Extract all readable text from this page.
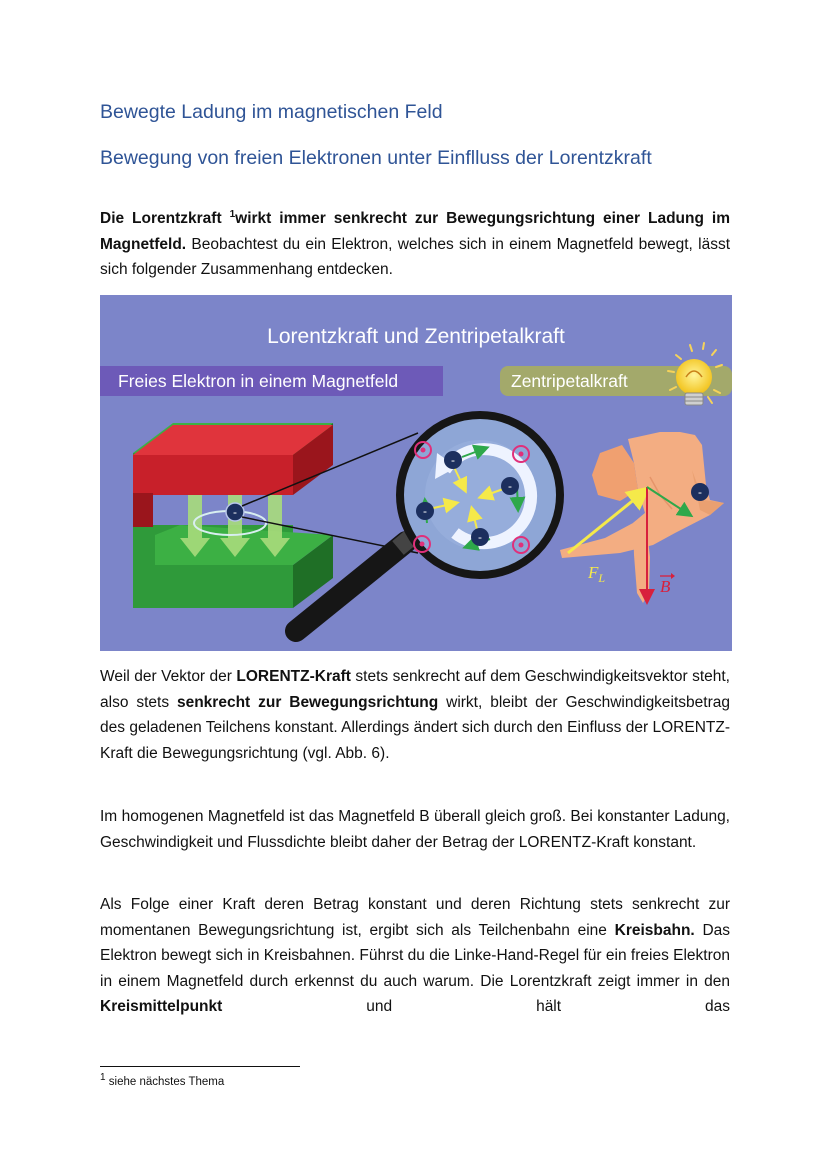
Bewegte Ladung im magnetischen Feld
Bewegung von freien Elektronen unter Einflluss der Lorentzkraft

Die Lorentzkraft $^1$wirkt immer senkrecht zur Bewegungsrichtung einer Ladung im Magnetfeld. Beobachtest du ein Elektron, welches sich in einem Magnetfeld bewegt, lässt sich folgender Zusammenhang entdecken.

Lorentzkraft und Zentripetalkraft
Freies Elektron in einem Magnetfeld	Zentripetalkraft
-
-
-
-
-
-
$F_L$	B

Weil der Vektor der LORENTZ-Kraft stets senkrecht auf dem Geschwindigkeitsvektor steht, also stets senkrecht zur Bewegungsrichtung wirkt, bleibt der Geschwindigkeitsbetrag des geladenen Teilchens konstant. Allerdings ändert sich durch den Einfluss der LORENTZ-Kraft die Bewegungsrichtung (vgl. Abb. 6).

Im homogenen Magnetfeld ist das Magnetfeld B überall gleich groß. Bei konstanter Ladung, Geschwindigkeit und Flussdichte bleibt daher der Betrag der LORENTZ-Kraft konstant.

Als Folge einer Kraft deren Betrag konstant und deren Richtung stets senkrecht zur momentanen Bewegungsrichtung ist, ergibt sich als Teilchenbahn eine Kreisbahn. Das Elektron bewegt sich in Kreisbahnen. Führst du die Linke-Hand-Regel für ein freies Elektron in einem Magnetfeld durch erkennst du auch warum. Die Lorentzkraft zeigt immer in den Kreismittelpunkt und hält das

$^1$ siehe nächstes Thema
